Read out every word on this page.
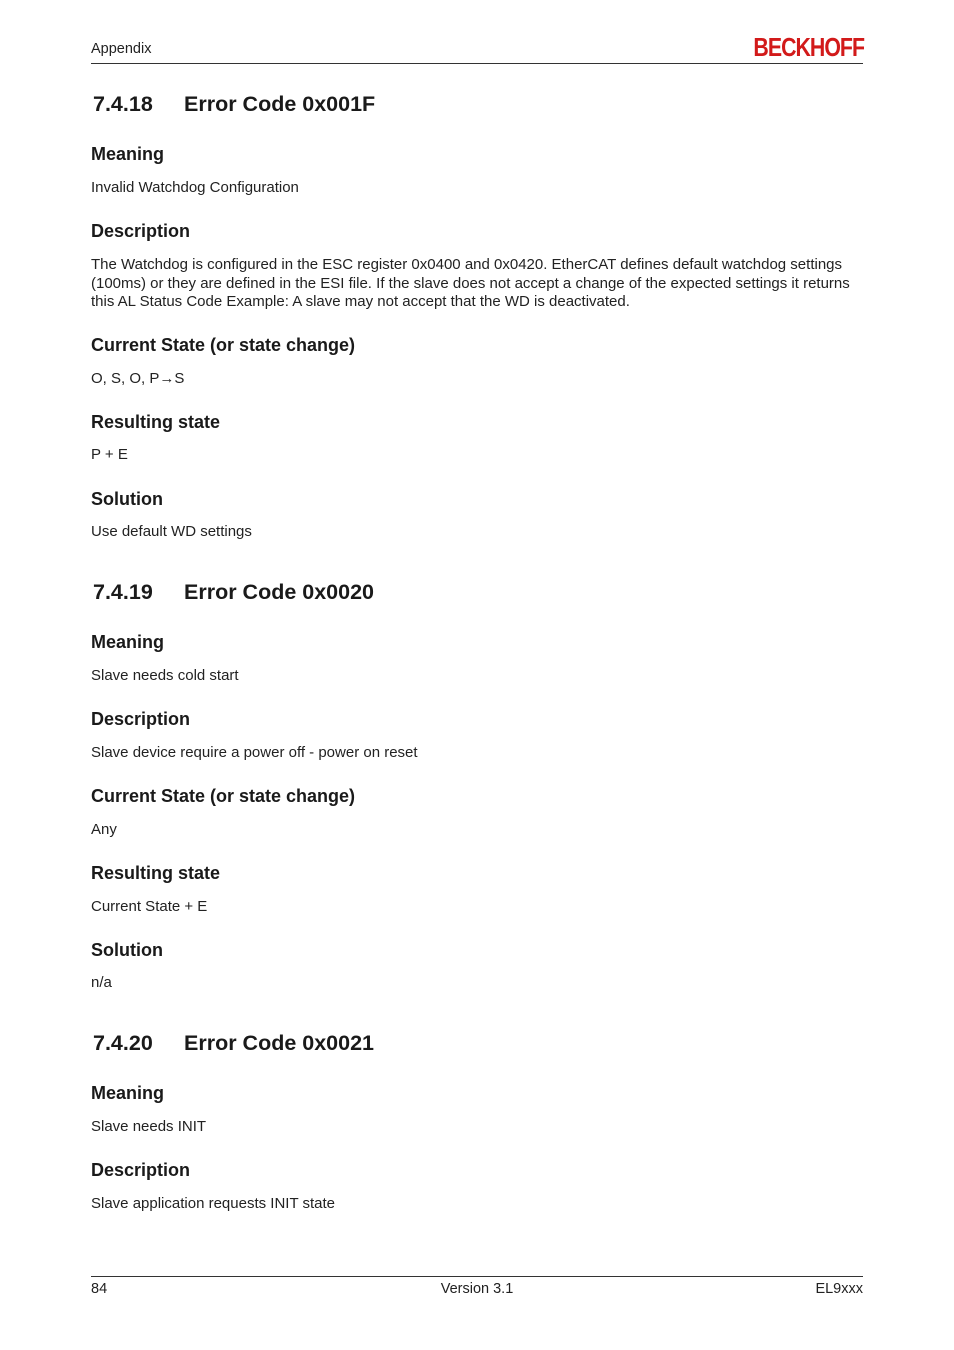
Appendix	BECKHOFF
7.4.18 Error Code 0x001F
Meaning
Invalid Watchdog Configuration
Description
The Watchdog is configured in the ESC register 0x0400 and 0x0420. EtherCAT defines default watchdog settings (100ms) or they are defined in the ESI file. If the slave does not accept a change of the expected settings it returns this AL Status Code Example: A slave may not accept that the WD is deactivated.
Current State (or state change)
O, S, O, P→S
Resulting state
P + E
Solution
Use default WD settings
7.4.19 Error Code 0x0020
Meaning
Slave needs cold start
Description
Slave device require a power off - power on reset
Current State (or state change)
Any
Resulting state
Current State + E
Solution
n/a
7.4.20 Error Code 0x0021
Meaning
Slave needs INIT
Description
Slave application requests INIT state
84	Version 3.1	EL9xxx
